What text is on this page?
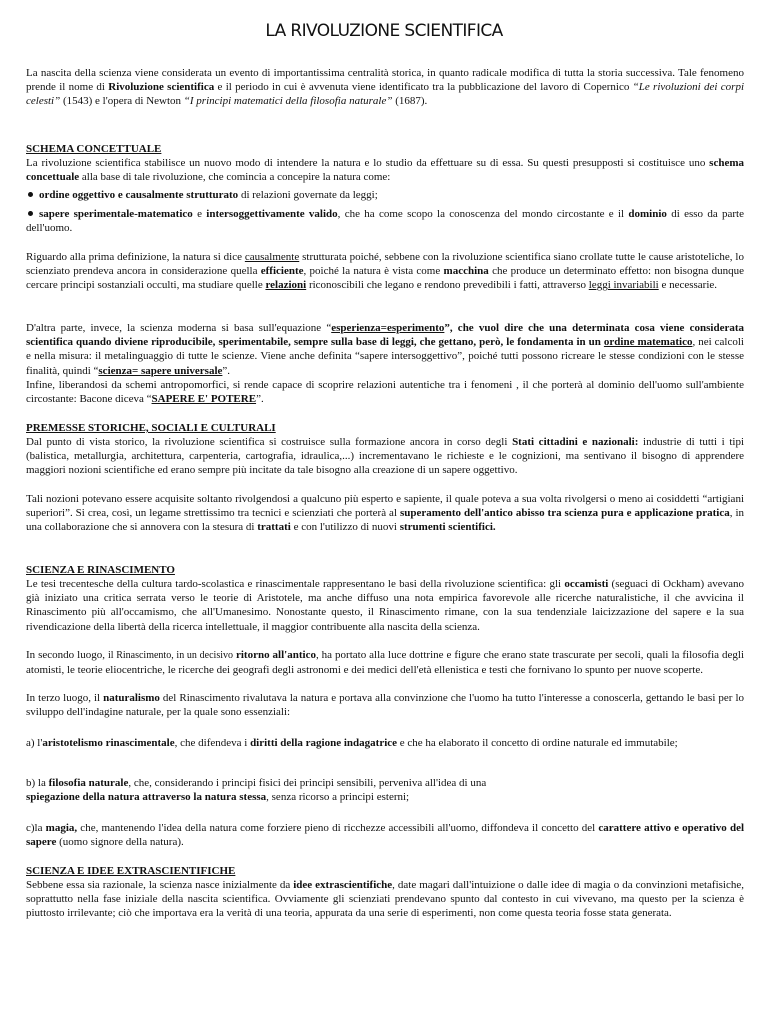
LA RIVOLUZIONE SCIENTIFICA

La nascita della scienza viene considerata un evento di importantissima centralità storica, in quanto radicale modifica di tutta la storia successiva. Tale fenomeno prende il nome di Rivoluzione scientifica e il periodo in cui è avvenuta viene identificato tra la pubblicazione del lavoro di Copernico “Le rivoluzioni dei corpi celesti” (1543) e l'opera di Newton “I principi matematici della filosofia naturale” (1687).

SCHEMA CONCETTUALE

La rivoluzione scientifica stabilisce un nuovo modo di intendere la natura e lo studio da effettuare su di essa. Su questi presupposti si costituisce uno schema concettuale alla base di tale rivoluzione, che comincia a concepire la natura come:

ordine oggettivo e causalmente strutturato di relazioni governate da leggi;

sapere sperimentale-matematico e intersoggettivamente valido, che ha come scopo la conoscenza del mondo circostante e il dominio di esso da parte dell'uomo.

Riguardo alla prima definizione, la natura si dice causalmente strutturata poiché, sebbene con la rivoluzione scientifica siano crollate tutte le cause aristoteliche, lo scienziato prendeva ancora in considerazione quella efficiente, poiché la natura è vista come macchina che produce un determinato effetto: non bisogna dunque cercare principi sostanziali occulti, ma studiare quelle relazioni riconoscibili che legano e rendono prevedibili i fatti, attraverso leggi invariabili e necessarie.

D'altra parte, invece, la scienza moderna si basa sull'equazione “esperienza=esperimento”, che vuol dire che una determinata cosa viene considerata scientifica quando diviene riproducibile, sperimentabile, sempre sulla base di leggi, che gettano, però, le fondamenta in un ordine matematico, nei calcoli e nella misura: il metalinguaggio di tutte le scienze. Viene anche definita “sapere intersoggettivo”, poiché tutti possono ricreare le stesse condizioni con le stesse finalità, quindi “scienza= sapere universale”.

Infine, liberandosi da schemi antropomorfici, si rende capace di scoprire relazioni autentiche tra i fenomeni , il che porterà al dominio dell'uomo sull'ambiente circostante: Bacone diceva “SAPERE E' POTERE”.

PREMESSE STORICHE, SOCIALI E CULTURALI

Dal punto di vista storico, la rivoluzione scientifica si costruisce sulla formazione ancora in corso degli Stati cittadini e nazionali: industrie di tutti i tipi (balistica, metallurgia, architettura, carpenteria, cartografia, idraulica,...) incrementavano le richieste e le cognizioni, ma sentivano il bisogno di apprendere maggiori nozioni scientifiche ed erano sempre più incitate da tale bisogno alla creazione di un sapere oggettivo.

Tali nozioni potevano essere acquisite soltanto rivolgendosi a qualcuno più esperto e sapiente, il quale poteva a sua volta rivolgersi o meno ai cosiddetti “artigiani superiori”. Si crea, così, un legame strettissimo tra tecnici e scienziati che porterà al superamento dell'antico abisso tra scienza pura e applicazione pratica, in una collaborazione che si annovera con la stesura di trattati e con l'utilizzo di nuovi strumenti scientifici.

SCIENZA E RINASCIMENTO

Le tesi trecentesche della cultura tardo-scolastica e rinascimentale rappresentano le basi della rivoluzione scientifica: gli occamisti (seguaci di Ockham) avevano già iniziato una critica serrata verso le teorie di Aristotele, ma anche diffuso una nota empirica favorevole alle ricerche naturalistiche, il che avvicina il Rinascimento più all'occamismo, che all'Umanesimo. Nonostante questo, il Rinascimento rimane, con la sua tendenziale laicizzazione del sapere e la sua rivendicazione della libertà della ricerca intellettuale, il maggior contribuente alla nascita della scienza.

In secondo luogo, il Rinascimento, in un decisivo ritorno all'antico, ha portato alla luce dottrine e figure che erano state trascurate per secoli, quali la filosofia degli atomisti, le teorie eliocentriche, le ricerche dei geografi degli astronomi e dei medici dell'età ellenistica e testi che fornivano lo spunto per nuove scoperte.

In terzo luogo, il naturalismo del Rinascimento rivalutava la natura e portava alla convinzione che l'uomo ha tutto l'interesse a conoscerla, gettando le basi per lo sviluppo dell'indagine naturale, per la quale sono essenziali:

a) l'aristotelismo rinascimentale, che difendeva i diritti della ragione indagatrice e che ha elaborato il concetto di ordine naturale ed immutabile;

b) la filosofia naturale, che, considerando i principi fisici dei principi sensibili, perveniva all'idea di una
spiegazione della natura attraverso la natura stessa, senza ricorso a principi esterni;

c)la magia, che, mantenendo l'idea della natura come forziere pieno di ricchezze accessibili all'uomo, diffondeva il concetto del carattere attivo e operativo del sapere (uomo signore della natura).

SCIENZA E IDEE EXTRASCIENTIFICHE

Sebbene essa sia razionale, la scienza nasce inizialmente da idee extrascientifiche, date magari dall'intuizione o dalle idee di magia o da convinzioni metafisiche, soprattutto nella fase iniziale della nascita scientifica. Ovviamente gli scienziati prendevano spunto dal contesto in cui vivevano, ma questo per la scienza è piuttosto irrilevante; ciò che importava era la verità di una teoria, appurata da una serie di esperimenti, non come questa teoria fosse stata generata.
